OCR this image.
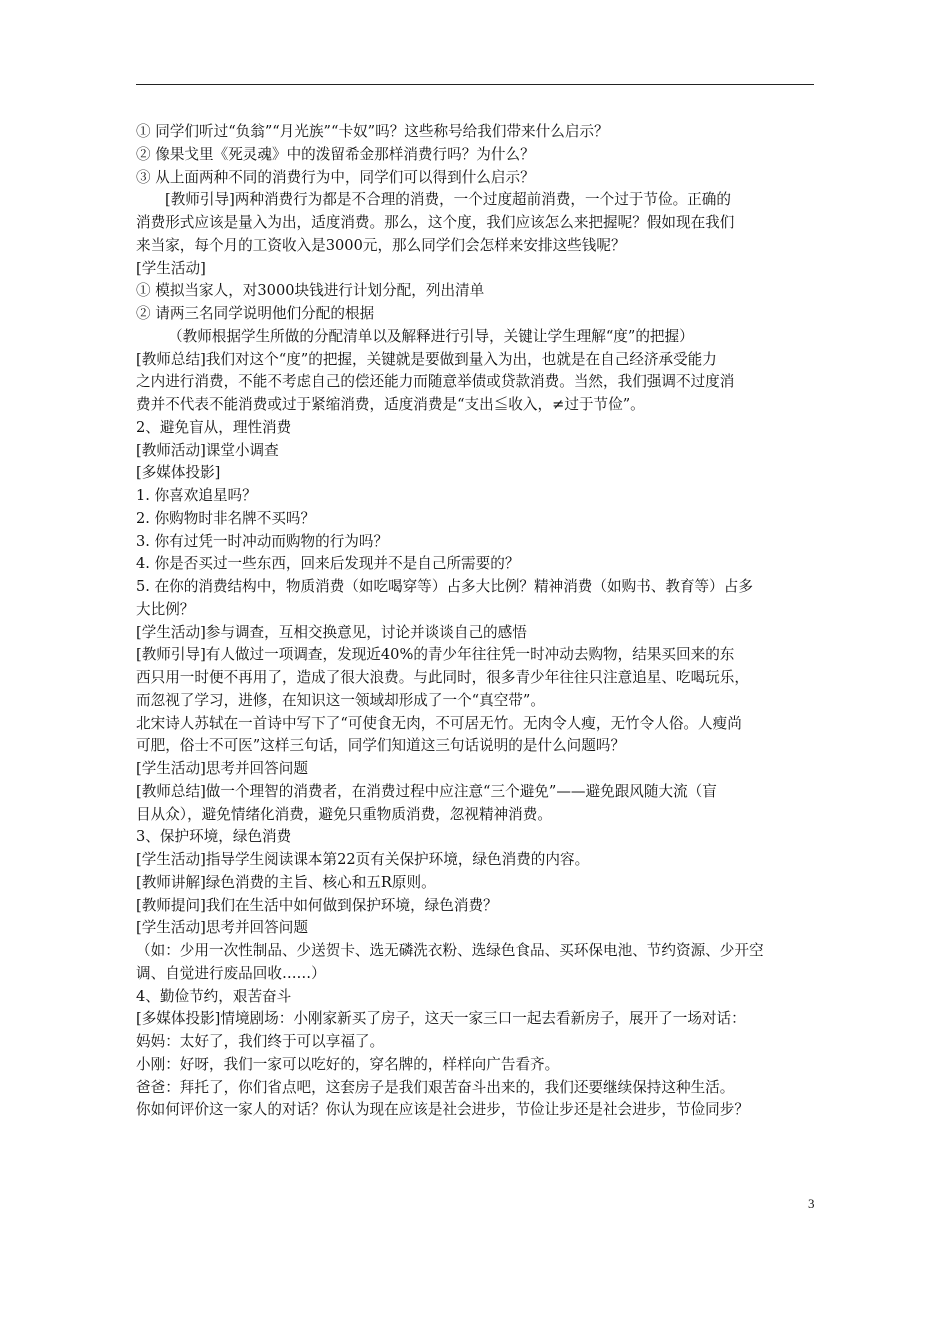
① 同学们听过“负翁”“月光族”“卡奴”吗？这些称号给我们带来什么启示？
② 像果戈里《死灵魂》中的泼留希金那样消费行吗？为什么？
③ 从上面两种不同的消费行为中，同学们可以得到什么启示？
[教师引导]两种消费行为都是不合理的消费，一个过度超前消费，一个过于节俭。正确的
消费形式应该是量入为出，适度消费。那么，这个度，我们应该怎么来把握呢？假如现在我们
来当家，每个月的工资收入是3000元，那么同学们会怎样来安排这些钱呢？
[学生活动]
① 模拟当家人，对3000块钱进行计划分配，列出清单
② 请两三名同学说明他们分配的根据
（教师根据学生所做的分配清单以及解释进行引导，关键让学生理解“度”的把握）
[教师总结]我们对这个“度”的把握，关键就是要做到量入为出，也就是在自己经济承受能力
之内进行消费，不能不考虑自己的偿还能力而随意举债或贷款消费。当然，我们强调不过度消
费并不代表不能消费或过于紧缩消费，适度消费是“支出≦收入，≠过于节俭”。
2、避免盲从，理性消费
[教师活动]课堂小调查
[多媒体投影]
1. 你喜欢追星吗？
2. 你购物时非名牌不买吗？
3. 你有过凭一时冲动而购物的行为吗？
4. 你是否买过一些东西，回来后发现并不是自己所需要的？
5. 在你的消费结构中，物质消费（如吃喝穿等）占多大比例？精神消费（如购书、教育等）占多
大比例？
[学生活动]参与调查，互相交换意见，讨论并谈谈自己的感悟
[教师引导]有人做过一项调查，发现近40%的青少年往往凭一时冲动去购物，结果买回来的东
西只用一时便不再用了，造成了很大浪费。与此同时，很多青少年往往只注意追星、吃喝玩乐，
而忽视了学习，进修，在知识这一领域却形成了一个“真空带”。
北宋诗人苏轼在一首诗中写下了“可使食无肉，不可居无竹。无肉令人瘦，无竹令人俗。人瘦尚
可肥，俗士不可医”这样三句话，同学们知道这三句话说明的是什么问题吗？
[学生活动]思考并回答问题
[教师总结]做一个理智的消费者，在消费过程中应注意“三个避免”——避免跟风随大流（盲
目从众），避免情绪化消费，避免只重物质消费，忽视精神消费。
3、保护环境，绿色消费
[学生活动]指导学生阅读课本第22页有关保护环境，绿色消费的内容。
[教师讲解]绿色消费的主旨、核心和五R原则。
[教师提问]我们在生活中如何做到保护环境，绿色消费？
[学生活动]思考并回答问题
（如：少用一次性制品、少送贺卡、选无磷洗衣粉、选绿色食品、买环保电池、节约资源、少开空
调、自觉进行废品回收……）
4、勤俭节约，艰苦奋斗
[多媒体投影]情境剧场：小刚家新买了房子，这天一家三口一起去看新房子，展开了一场对话：
妈妈：太好了，我们终于可以享福了。
小刚：好呀，我们一家可以吃好的，穿名牌的，样样向广告看齐。
爸爸：拜托了，你们省点吧，这套房子是我们艰苦奋斗出来的，我们还要继续保持这种生活。
你如何评价这一家人的对话？你认为现在应该是社会进步，节俭让步还是社会进步，节俭同步？
3
